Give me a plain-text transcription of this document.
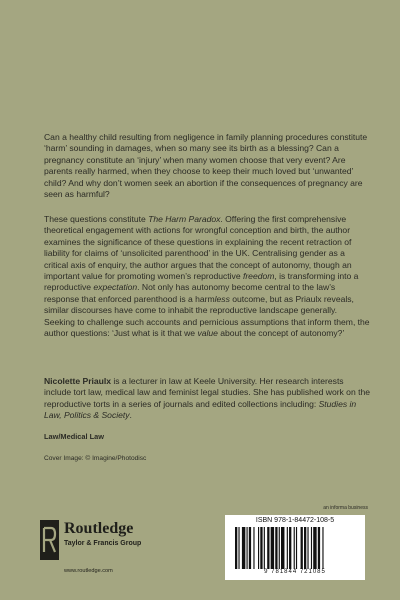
Can a healthy child resulting from negligence in family planning procedures constitute ‘harm’ sounding in damages, when so many see its birth as a blessing? Can a pregnancy constitute an ‘injury’ when many women choose that very event? Are parents really harmed, when they choose to keep their much loved but ‘unwanted’ child? And why don’t women seek an abortion if the consequences of pregnancy are seen as harmful?

These questions constitute The Harm Paradox. Offering the first comprehensive theoretical engagement with actions for wrongful conception and birth, the author examines the significance of these questions in explaining the recent retraction of liability for claims of ‘unsolicited parenthood’ in the UK. Centralising gender as a critical axis of enquiry, the author argues that the concept of autonomy, though an important value for promoting women’s reproductive freedom, is transforming into a reproductive expectation. Not only has autonomy become central to the law’s response that enforced parenthood is a harmless outcome, but as Priaulx reveals, similar discourses have come to inhabit the reproductive landscape generally. Seeking to challenge such accounts and pernicious assumptions that inform them, the author questions: ‘Just what is it that we value about the concept of autonomy?’

Nicolette Priaulx is a lecturer in law at Keele University. Her research interests include tort law, medical law and feminist legal studies. She has published work on the reproductive torts in a series of journals and edited collections including: Studies in Law, Politics & Society.

Law/Medical Law
Cover Image: © Imagine/Photodisc
an informa business
Routledge
Taylor & Francis Group
www.routledge.com
ISBN 978-1-84472-108-5
9 781844 721085
